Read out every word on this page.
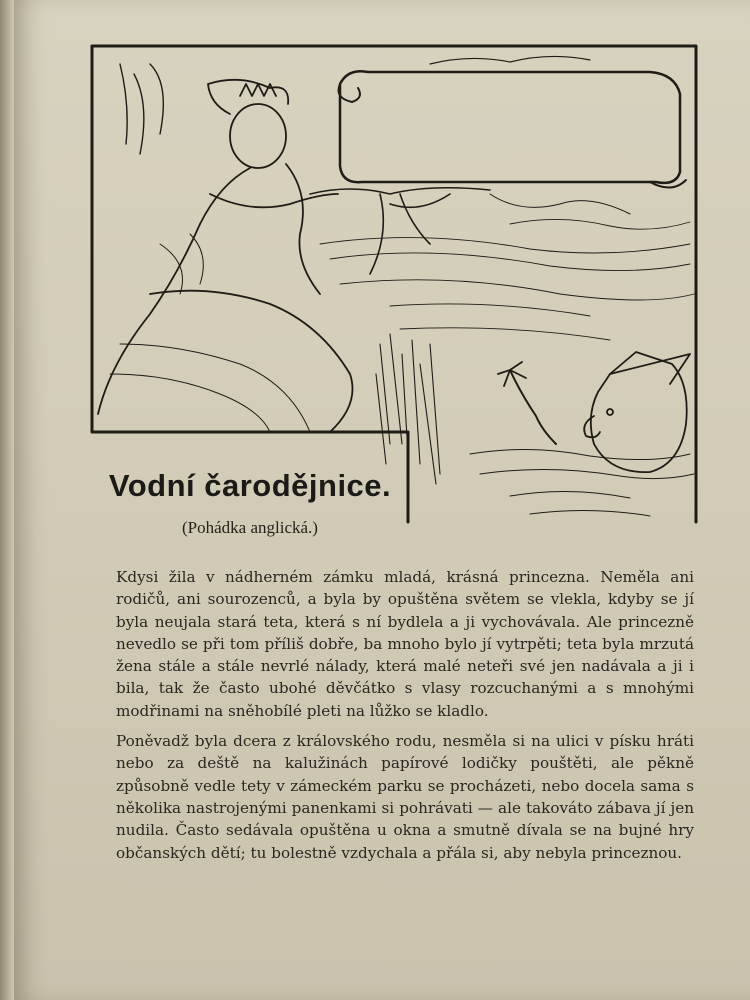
Vodní čarodějnice.
(Pohádka anglická.)

Kdysi žila v nádherném zámku mladá, krásná princezna. Neměla ani rodičů, ani sourozenců, a byla by opuštěna světem se vlekla, kdyby se jí byla neujala stará teta, která s ní bydlela a ji vychovávala. Ale princezně nevedlo se při tom příliš dobře, ba mnoho bylo jí vytrpěti; teta byla mrzutá žena stále a stále nevrlé nálady, která malé neteři své jen nadávala a ji i bila, tak že často ubohé děvčátko s vlasy rozcuchanými a s mnohými modřinami na sněhobílé pleti na lůžko se kladlo.

Poněvadž byla dcera z královského rodu, nesměla si na ulici v písku hráti nebo za deště na kalužinách papírové lodičky pouštěti, ale pěkně způsobně vedle tety v zámeckém parku se procházeti, nebo docela sama s několika nastrojenými panenkami si pohrávati — ale takováto zábava jí jen nudila. Často sedávala opuštěna u okna a smutně dívala se na bujné hry občanských dětí; tu bolestně vzdychala a přála si, aby nebyla princeznou.
